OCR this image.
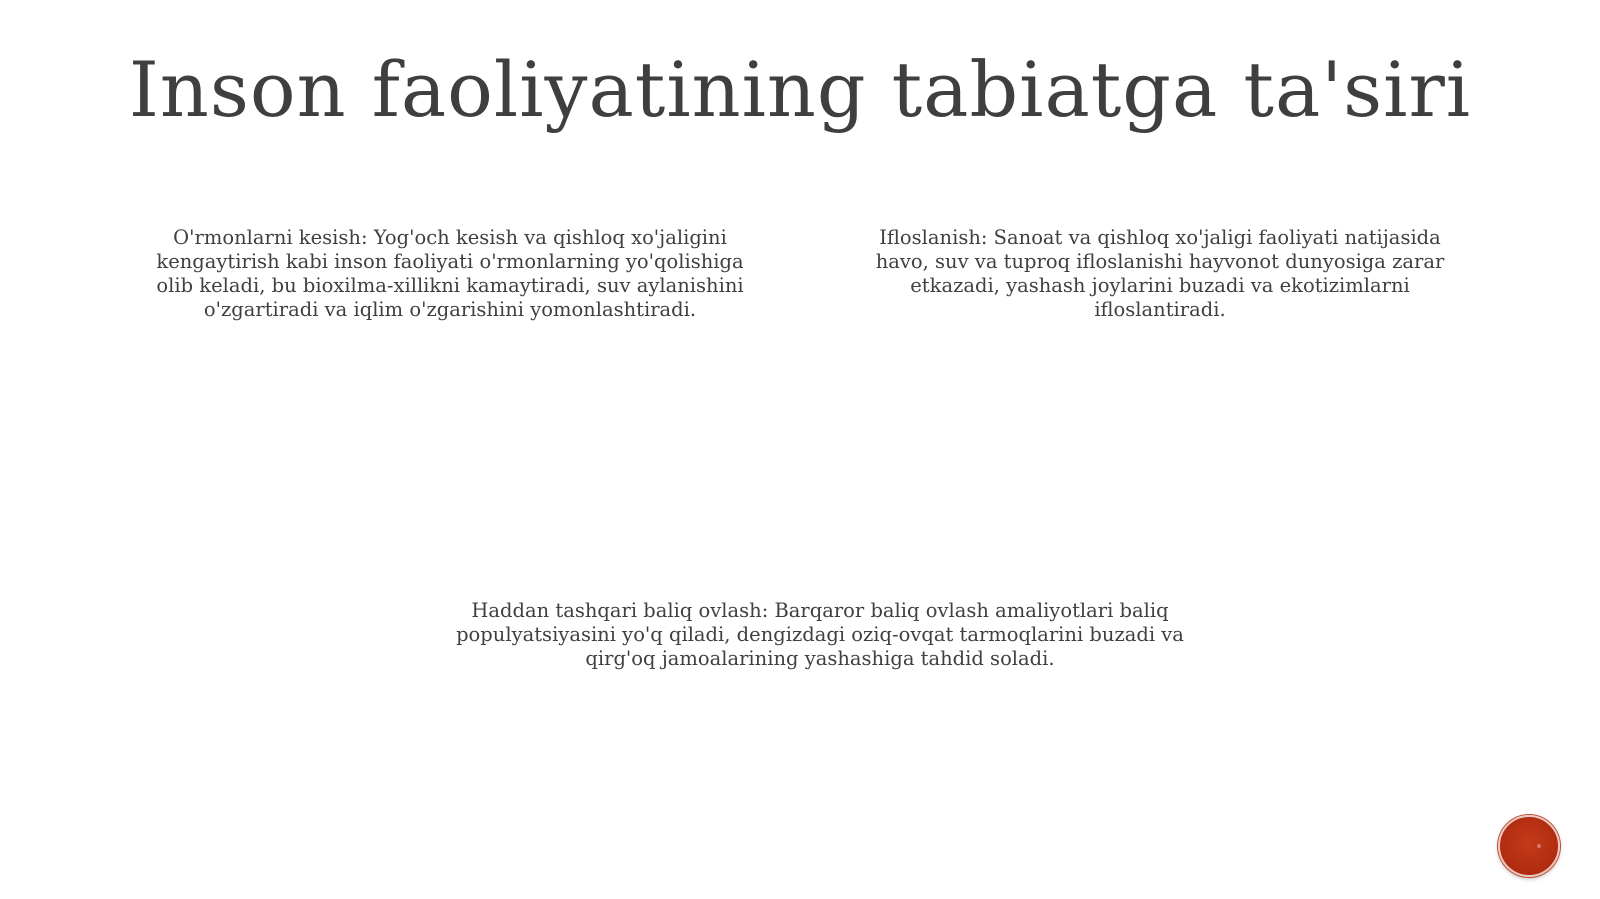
Inson faoliyatining tabiatga ta'siri
O'rmonlarni kesish: Yog'och kesish va qishloq xo'jaligini kengaytirish kabi inson faoliyati o'rmonlarning yo'qolishiga olib keladi, bu bioxilma-xillikni kamaytiradi, suv aylanishini o'zgartiradi va iqlim o'zgarishini yomonlashtiradi.
Ifloslanish: Sanoat va qishloq xo'jaligi faoliyati natijasida havo, suv va tuproq ifloslanishi hayvonot dunyosiga zarar etkazadi, yashash joylarini buzadi va ekotizimlarni ifloslantiradi.
Haddan tashqari baliq ovlash: Barqaror baliq ovlash amaliyotlari baliq populyatsiyasini yo'q qiladi, dengizdagi oziq-ovqat tarmoqlarini buzadi va qirg'oq jamoalarining yashashiga tahdid soladi.
